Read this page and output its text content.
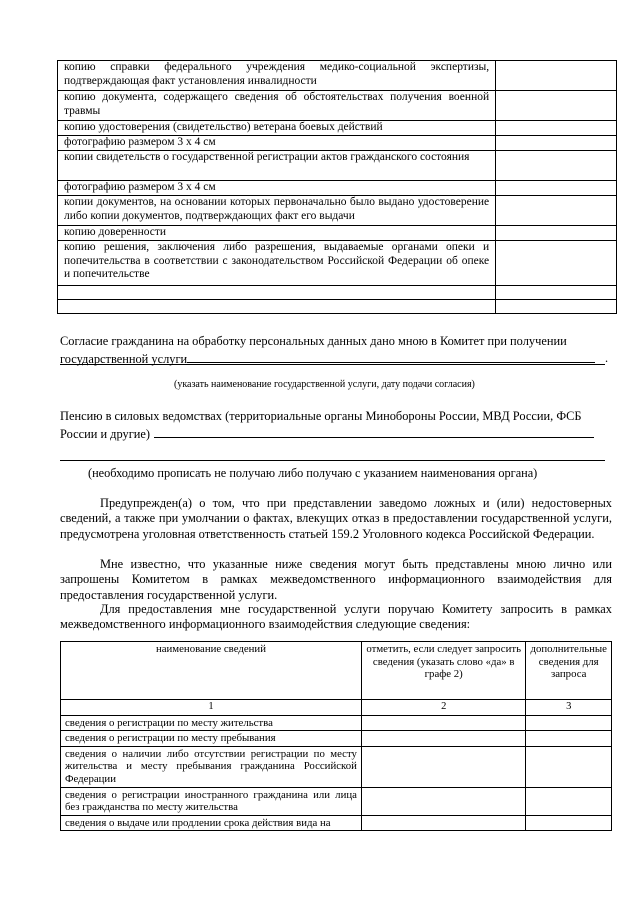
копию справки федерального учреждения медико-социальной экспертизы, подтверждающая факт установления инвалидности	
копию документа, содержащего сведения об обстоятельствах получения военной травмы	
копию удостоверения (свидетельство) ветерана боевых действий	
фотографию размером 3 х 4 см	
копии свидетельств о государственной регистрации актов гражданского состояния	
фотографию размером 3 х 4 см	
копии документов, на основании которых первоначально было выдано удостоверение либо копии документов, подтверждающих факт его выдачи	
копию доверенности	
копию решения, заключения либо разрешения, выдаваемые органами опеки и попечительства в соответствии с законодательством Российской Федерации об опеке и попечительстве	

Согласие гражданина на обработку персональных данных дано мною в Комитет при получении
государственной услуги	.
(указать наименование государственной услуги, дату подачи согласия)
Пенсию в силовых ведомствах (территориальные органы Минобороны России, МВД России, ФСБ
России и другие)
(необходимо прописать не получаю либо получаю с указанием наименования органа)
Предупрежден(а) о том, что при представлении заведомо ложных и (или) недостоверных сведений, а также при умолчании о фактах, влекущих отказ в предоставлении государственной услуги, предусмотрена уголовная ответственность статьей 159.2 Уголовного кодекса Российской Федерации.
Мне известно, что указанные ниже сведения могут быть представлены мною лично или запрошены Комитетом в рамках межведомственного информационного взаимодействия для предоставления государственной услуги.
Для предоставления мне государственной услуги поручаю Комитету запросить в рамках межведомственного информационного взаимодействия следующие сведения:
наименование сведений	отметить, если следует запросить сведения (указать слово «да» в графе 2)	дополнительные сведения для запроса
1	2	3
сведения о регистрации по месту жительства		
сведения о регистрации по месту пребывания		
сведения о наличии либо отсутствии регистрации по месту жительства и месту пребывания гражданина Российской Федерации		
сведения о регистрации иностранного гражданина или лица без гражданства по месту жительства		
сведения о выдаче или продлении срока действия вида на		
